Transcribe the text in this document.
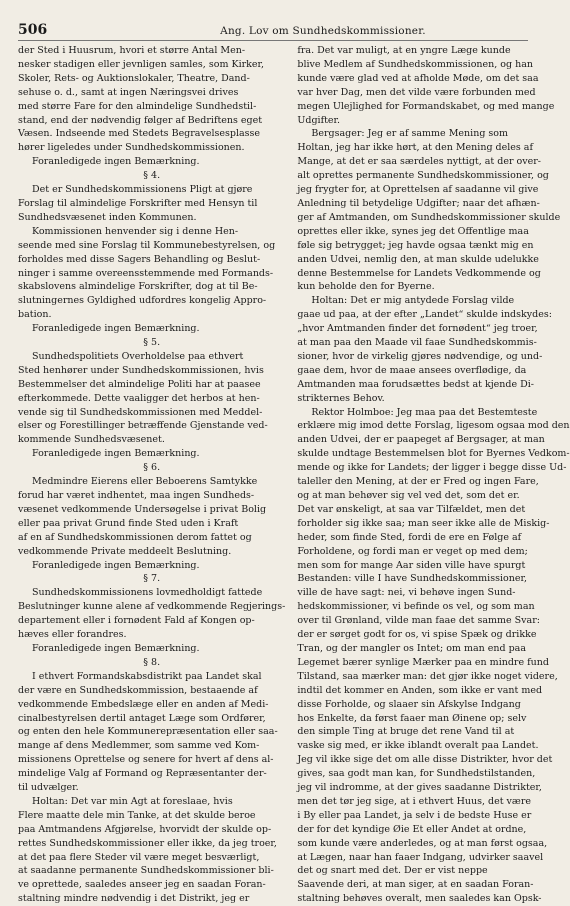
506	Ang. Lov om Sundhedskommissioner.
der Sted i Huusrum, hvori et større Antal Men-
nesker stadigen eller jevnligen samles, som Kirker,
Skoler, Rets- og Auktionslokaler, Theatre, Dand-
sehuse o. d., samt at ingen Næringsvei drives
med større Fare for den almindelige Sundhedstil-
stand, end der nødvendig følger af Bedriftens eget
Væsen. Indseende med Stedets Begravelsesplasse
hører ligeledes under Sundhedskommissionen.
Foranledigede ingen Bemærkning.
§ 4.
Det er Sundhedskommissionens Pligt at gjøre
Forslag til almindelige Forskrifter med Hensyn til
Sundhedsvæsenet inden Kommunen.
Kommissionen henvender sig i denne Hen-
seende med sine Forslag til Kommunebestyrelsen, og
forholdes med disse Sagers Behandling og Beslut-
ninger i samme overeensstemmende med Formands-
skabslovens almindelige Forskrifter, dog at til Be-
slutningernes Gyldighed udfordres kongelig Appro-
bation.
Foranledigede ingen Bemærkning.
§ 5.
Sundhedspolitiets Overholdelse paa ethvert
Sted henhører under Sundhedskommissionen, hvis
Bestemmelser det almindelige Politi har at paasee
efterkommede. Dette vaaligger det herbos at hen-
vende sig til Sundhedskommissionen med Meddel-
elser og Forestillinger betræffende Gjenstande ved-
kommende Sundhedsvæsenet.
Foranledigede ingen Bemærkning.
§ 6.
Medmindre Eierens eller Beboerens Samtykke
forud har været indhentet, maa ingen Sundheds-
væsenet vedkommende Undersøgelse i privat Bolig
eller paa privat Grund finde Sted uden i Kraft
af en af Sundhedskommissionen derom fattet og
vedkommende Private meddeelt Beslutning.
Foranledigede ingen Bemærkning.
§ 7.
Sundhedskommissionens lovmedholdigt fattede
Beslutninger kunne alene af vedkommende Regjerings-
departement eller i fornødent Fald af Kongen op-
hæves eller forandres.
Foranledigede ingen Bemærkning.
§ 8.
I ethvert Formandskabsdistrikt paa Landet skal
der være en Sundhedskommission, bestaaende af
vedkommende Embedslæge eller en anden af Medi-
cinalbestyrelsen dertil antaget Læge som Ordfører,
og enten den hele Kommunerepræsentation eller saa-
mange af dens Medlemmer, som samme ved Kom-
missionens Oprettelse og senere for hvert af dens al-
mindelige Valg af Formand og Repræsentanter der-
til udvælger.
Holtan: Det var min Agt at foreslaae, hvis
Flere maatte dele min Tanke, at det skulde beroe
paa Amtmandens Afgjørelse, hvorvidt der skulde op-
rettes Sundhedskommissioner eller ikke, da jeg troer,
at det paa flere Steder vil være meget besværligt,
at saadanne permanente Sundhedskommissioner bli-
ve oprettede, saaledes anseer jeg en saadan Foran-
staltning mindre nødvendig i det Distrikt, jeg er
fra. Det var muligt, at en yngre Læge kunde
blive Medlem af Sundhedskommissionen, og han
kunde være glad ved at afholde Møde, om det saa
var hver Dag, men det vilde være forbunden med
megen Ulejlighed for Formandskabet, og med mange
Udgifter.
Bergsager: Jeg er af samme Mening som
Holtan, jeg har ikke hørt, at den Mening deles af
Mange, at det er saa særdeles nyttigt, at der over-
alt oprettes permanente Sundhedskommissioner, og
jeg frygter for, at Oprettelsen af saadanne vil give
Anledning til betydelige Udgifter; naar det afhæn-
ger af Amtmanden, om Sundhedskommissioner skulde
oprettes eller ikke, synes jeg det Offentlige maa
føle sig betrygget; jeg havde ogsaa tænkt mig en
anden Udvei, nemlig den, at man skulde udelukke
denne Bestemmelse for Landets Vedkommende og
kun beholde den for Byerne.
Holtan: Det er mig antydede Forslag vilde
gaae ud paa, at der efter „Landet“ skulde indskydes:
„hvor Amtmanden finder det fornødent“ jeg troer,
at man paa den Maade vil faae Sundhedskommis-
sioner, hvor de virkelig gjøres nødvendige, og und-
gaae dem, hvor de maae ansees overflødige, da
Amtmanden maa forudsættes bedst at kjende Di-
strikternes Behov.
Rektor Holmboe: Jeg maa paa det Bestemteste
erklære mig imod dette Forslag, ligesom ogsaa mod den
anden Udvei, der er paapeget af Bergsager, at man
skulde undtage Bestemmelsen blot for Byernes Vedkom-
mende og ikke for Landets; der ligger i begge disse Ud-
taleller den Mening, at der er Fred og ingen Fare,
og at man behøver sig vel ved det, som det er.
Det var ønskeligt, at saa var Tilfældet, men det
forholder sig ikke saa; man seer ikke alle de Miskig-
heder, som finde Sted, fordi de ere en Følge af
Forholdene, og fordi man er veget op med dem;
men som for mange Aar siden ville have spurgt
Bestanden: ville I have Sundhedskommissioner,
ville de have sagt: nei, vi behøve ingen Sund-
hedskommissioner, vi befinde os vel, og som man
over til Grønland, vilde man faae det samme Svar:
der er sørget godt for os, vi spise Spæk og drikke
Tran, og der mangler os Intet; om man end paa
Legemet bærer synlige Mærker paa en mindre fund
Tilstand, saa mærker man: det gjør ikke noget videre,
indtil det kommer en Anden, som ikke er vant med
disse Forholde, og slaaer sin Afskylse Indgang
hos Enkelte, da først faaer man Øinene op; selv
den simple Ting at bruge det rene Vand til at
vaske sig med, er ikke iblandt overalt paa Landet.
Jeg vil ikke sige det om alle disse Distrikter, hvor det
gives, saa godt man kan, for Sundhedstilstanden,
jeg vil indromme, at der gives saadanne Distrikter,
men det tør jeg sige, at i ethvert Huus, det være
i By eller paa Landet, ja selv i de bedste Huse er
der for det kyndige Øie Et eller Andet at ordne,
som kunde være anderledes, og at man først ogsaa,
at Lægen, naar han faaer Indgang, udvirker saavel
det og snart med det. Der er vist neppe
Saavende deri, at man siger, at en saadan Foran-
staltning behøves overalt, men saaledes kan Opsk-
